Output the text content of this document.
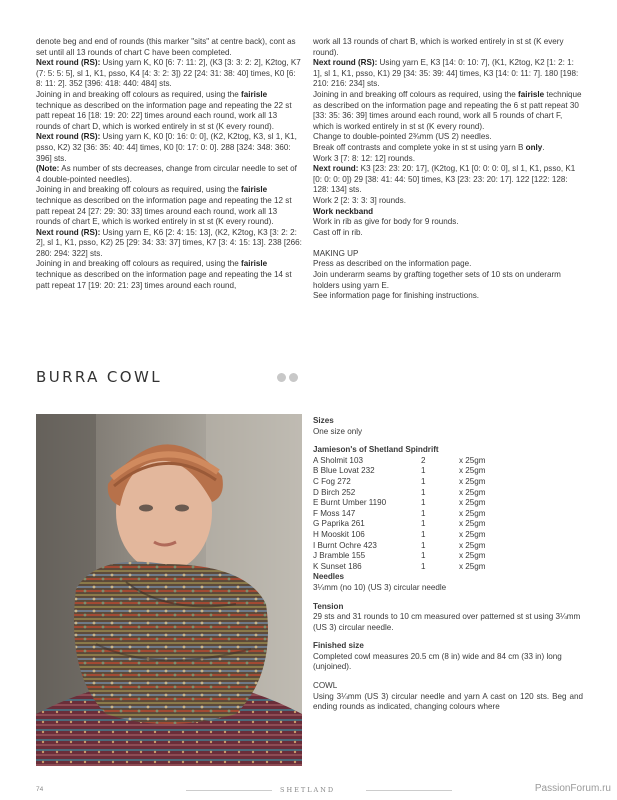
denote beg and end of rounds (this marker "sits" at centre back), cont as set until all 13 rounds of chart C have been completed.

Next round (RS): Using yarn K, K0 [6: 7: 11: 2], (K3 [3: 3: 2: 2], K2tog, K7 (7: 5: 5: 5], sl 1, K1, psso, K4 [4: 3: 2: 3]) 22 [24: 31: 38: 40] times, K0 [6: 8: 11: 2]. 352 [396: 418: 440: 484] sts.

Joining in and breaking off colours as required, using the fairisle technique as described on the information page and repeating the 22 st patt repeat 16 [18: 19: 20: 22] times around each round, work all 13 rounds of chart D, which is worked entirely in st st (K every round).

Next round (RS): Using yarn K, K0 [0: 16: 0: 0], (K2, K2tog, K3, sl 1, K1, psso, K2) 32 [36: 35: 40: 44] times, K0 [0: 17: 0: 0]. 288 [324: 348: 360: 396] sts.

(Note: As number of sts decreases, change from circular needle to set of 4 double-pointed needles).

Joining in and breaking off colours as required, using the fairisle technique as described on the information page and repeating the 12 st patt repeat 24 [27: 29: 30: 33] times around each round, work all 13 rounds of chart E, which is worked entirely in st st (K every round).

Next round (RS): Using yarn E, K6 [2: 4: 15: 13], (K2, K2tog, K3 [3: 2: 2: 2], sl 1, K1, psso, K2) 25 [29: 34: 33: 37] times, K7 [3: 4: 15: 13]. 238 [266: 280: 294: 322] sts.

Joining in and breaking off colours as required, using the fairisle technique as described on the information page and repeating the 14 st patt repeat 17 [19: 20: 21: 23] times around each round,

work all 13 rounds of chart B, which is worked entirely in st st (K every round).

Next round (RS): Using yarn E, K3 [14: 0: 10: 7], (K1, K2tog, K2 [1: 2: 1: 1], sl 1, K1, psso, K1) 29 [34: 35: 39: 44] times, K3 [14: 0: 11: 7]. 180 [198: 210: 216: 234] sts.

Joining in and breaking off colours as required, using the fairisle technique as described on the information page and repeating the 6 st patt repeat 30 [33: 35: 36: 39] times around each round, work all 5 rounds of chart F, which is worked entirely in st st (K every round).

Change to double-pointed 2¾mm (US 2) needles.

Break off contrasts and complete yoke in st st using yarn B only.

Work 3 [7: 8: 12: 12] rounds.

Next round: K3 [23: 23: 20: 17], (K2tog, K1 [0: 0: 0: 0], sl 1, K1, psso, K1 [0: 0: 0: 0]) 29 [38: 41: 44: 50] times, K3 [23: 23: 20: 17]. 122 [122: 128: 128: 134] sts.

Work 2 [2: 3: 3: 3] rounds.

Work neckband

Work in rib as give for body for 9 rounds.

Cast off in rib.

MAKING UP

Press as described on the information page.

Join underarm seams by grafting together sets of 10 sts on underarm holders using yarn E.

See information page for finishing instructions.

BURRA COWL

Sizes

One size only

Jamieson's of Shetland Spindrift

A Sholmit 103	2	x 25gm
B Blue Lovat 232	1	x 25gm
C Fog 272	1	x 25gm
D Birch 252	1	x 25gm
E Burnt Umber 1190	1	x 25gm
F Moss 147	1	x 25gm
G Paprika 261	1	x 25gm
H Mooskit 106	1	x 25gm
I Burnt Ochre 423	1	x 25gm
J Bramble 155	1	x 25gm
K Sunset 186	1	x 25gm

Needles

3¼mm (no 10) (US 3) circular needle

Tension

29 sts and 31 rounds to 10 cm measured over patterned st st using 3¼mm (US 3) circular needle.

Finished size

Completed cowl measures 20.5 cm (8 in) wide and 84 cm (33 in) long (unjoined).

COWL

Using 3¼mm (US 3) circular needle and yarn A cast on 120 sts. Beg and ending rounds as indicated, changing colours where

74	SHETLAND	PassionForum.ru
